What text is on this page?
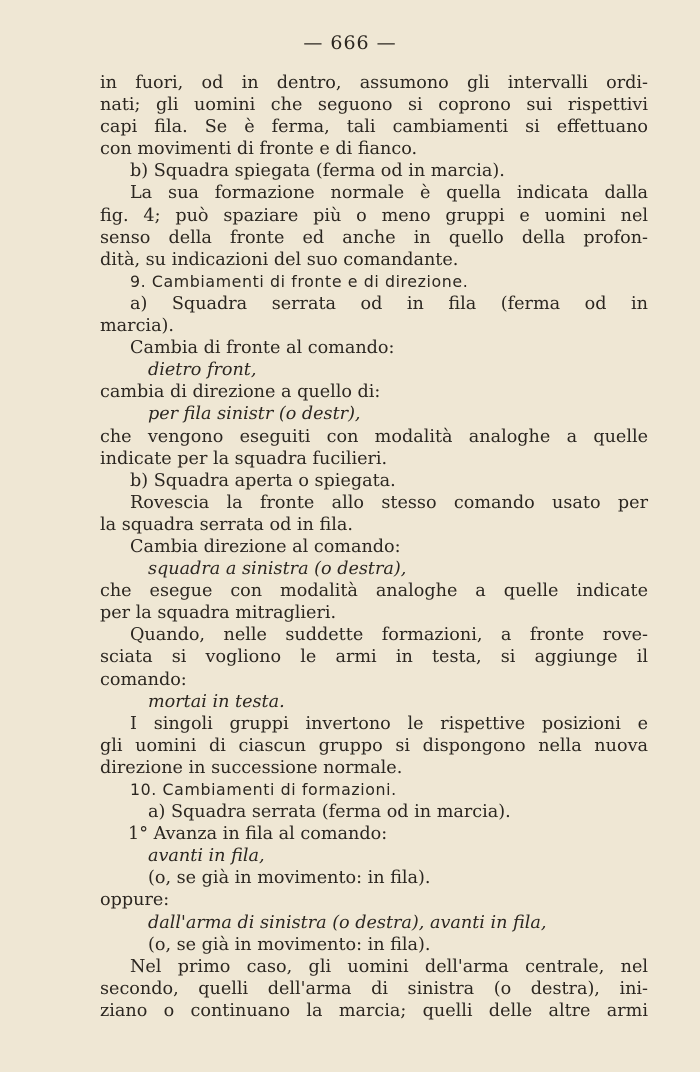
— 666 —

in fuori, od in dentro, assumono gli intervalli ordi-

nati; gli uomini che seguono si coprono sui rispettivi

capi fila. Se è ferma, tali cambiamenti si effettuano

con movimenti di fronte e di fianco.

b) Squadra spiegata (ferma od in marcia).

La sua formazione normale è quella indicata dalla

fig. 4; può spaziare più o meno gruppi e uomini nel

senso della fronte ed anche in quello della profon-

dità, su indicazioni del suo comandante.

9. Cambiamenti di fronte e di direzione.

a) Squadra serrata od in fila (ferma od in

marcia).

Cambia di fronte al comando:

dietro front,

cambia di direzione a quello di:

per fila sinistr (o destr),

che vengono eseguiti con modalità analoghe a quelle

indicate per la squadra fucilieri.

b) Squadra aperta o spiegata.

Rovescia la fronte allo stesso comando usato per

la squadra serrata od in fila.

Cambia direzione al comando:

squadra a sinistra (o destra),

che esegue con modalità analoghe a quelle indicate

per la squadra mitraglieri.

Quando, nelle suddette formazioni, a fronte rove-

sciata si vogliono le armi in testa, si aggiunge il

comando:

mortai in testa.

I singoli gruppi invertono le rispettive posizioni e

gli uomini di ciascun gruppo si dispongono nella nuova

direzione in successione normale.

10. Cambiamenti di formazioni.

a) Squadra serrata (ferma od in marcia).

1° Avanza in fila al comando:

avanti in fila,

(o, se già in movimento: in fila).

oppure:

dall'arma di sinistra (o destra), avanti in fila,

(o, se già in movimento: in fila).

Nel primo caso, gli uomini dell'arma centrale, nel

secondo, quelli dell'arma di sinistra (o destra), ini-

ziano o continuano la marcia; quelli delle altre armi
